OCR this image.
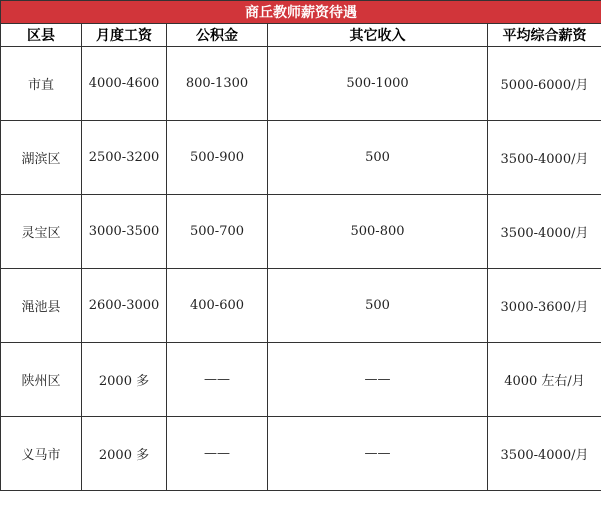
商丘教师薪资待遇				
区县	月度工资	公积金	其它收入	平均综合薪资
市直	4000-4600	800-1300	500-1000	5000-6000/月
湖滨区	2500-3200	500-900	500	3500-4000/月
灵宝区	3000-3500	500-700	500-800	3500-4000/月
渑池县	2600-3000	400-600	500	3000-3600/月
陕州区	2000 多	——	——	4000 左右/月
义马市	2000 多	——	——	3500-4000/月
